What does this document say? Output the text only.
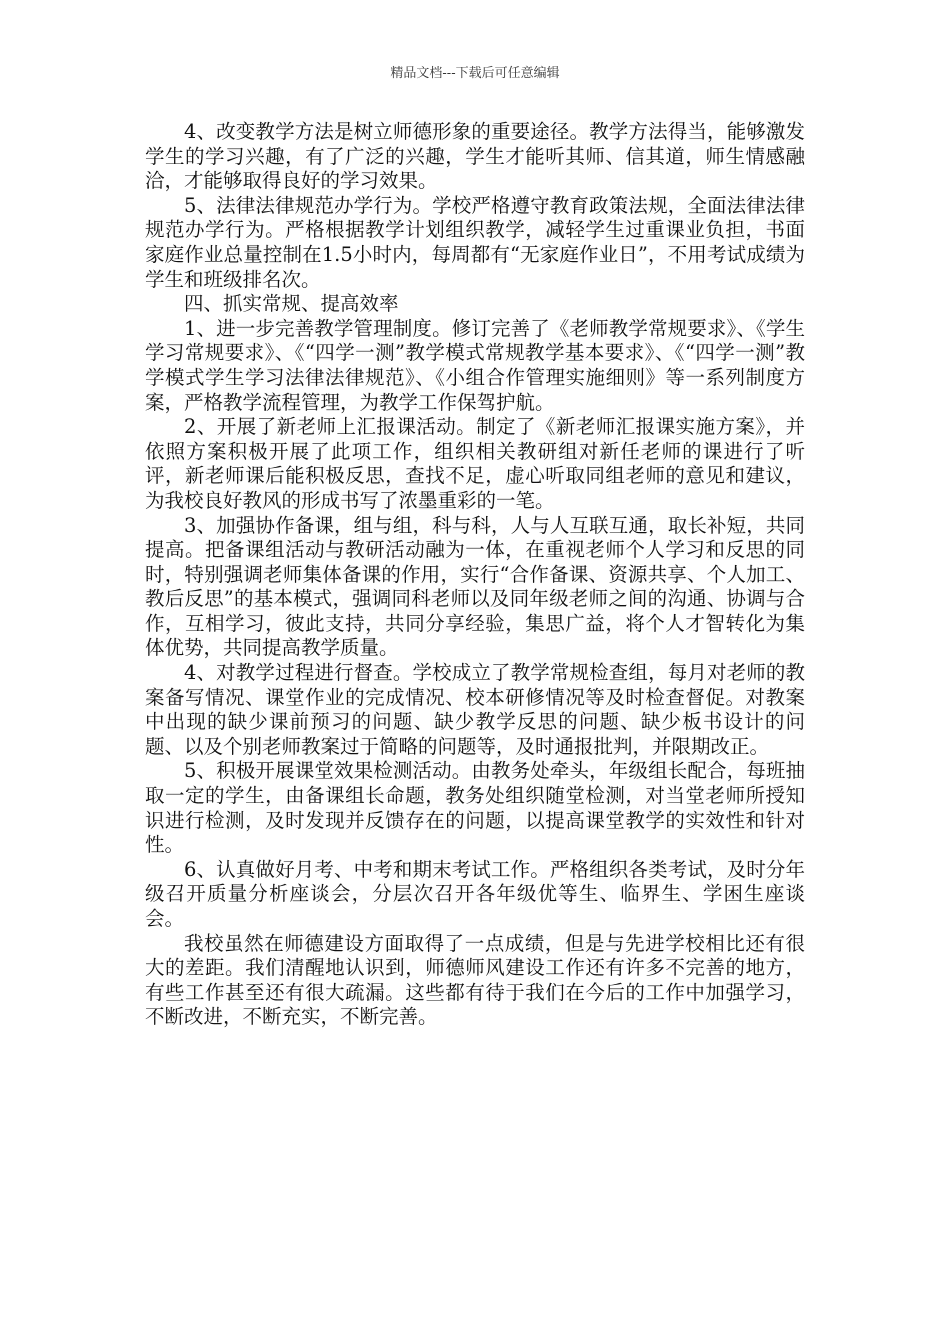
精品文档---下载后可任意编辑

4、改变教学方法是树立师德形象的重要途径。教学方法得当，能够激发学生的学习兴趣，有了广泛的兴趣，学生才能听其师、信其道，师生情感融洽，才能够取得良好的学习效果。

5、法律法律规范办学行为。学校严格遵守教育政策法规，全面法律法律规范办学行为。严格根据教学计划组织教学，减轻学生过重课业负担，书面家庭作业总量控制在1.5小时内，每周都有“无家庭作业日”，不用考试成绩为学生和班级排名次。

四、抓实常规、提高效率

1、进一步完善教学管理制度。修订完善了《老师教学常规要求》、《学生学习常规要求》、《“四学一测”教学模式常规教学基本要求》、《“四学一测”教学模式学生学习法律法律规范》、《小组合作管理实施细则》等一系列制度方案，严格教学流程管理，为教学工作保驾护航。

2、开展了新老师上汇报课活动。制定了《新老师汇报课实施方案》，并依照方案积极开展了此项工作，组织相关教研组对新任老师的课进行了听评，新老师课后能积极反思，查找不足，虚心听取同组老师的意见和建议，为我校良好教风的形成书写了浓墨重彩的一笔。

3、加强协作备课，组与组，科与科，人与人互联互通，取长补短，共同提高。把备课组活动与教研活动融为一体，在重视老师个人学习和反思的同时，特别强调老师集体备课的作用，实行“合作备课、资源共享、个人加工、教后反思”的基本模式，强调同科老师以及同年级老师之间的沟通、协调与合作，互相学习，彼此支持，共同分享经验，集思广益，将个人才智转化为集体优势，共同提高教学质量。

4、对教学过程进行督查。学校成立了教学常规检查组，每月对老师的教案备写情况、课堂作业的完成情况、校本研修情况等及时检查督促。对教案中出现的缺少课前预习的问题、缺少教学反思的问题、缺少板书设计的问题、以及个别老师教案过于简略的问题等，及时通报批判，并限期改正。

5、积极开展课堂效果检测活动。由教务处牵头，年级组长配合，每班抽取一定的学生，由备课组长命题，教务处组织随堂检测，对当堂老师所授知识进行检测，及时发现并反馈存在的问题，以提高课堂教学的实效性和针对性。

6、认真做好月考、中考和期末考试工作。严格组织各类考试，及时分年级召开质量分析座谈会，分层次召开各年级优等生、临界生、学困生座谈会。

我校虽然在师德建设方面取得了一点成绩，但是与先进学校相比还有很大的差距。我们清醒地认识到，师德师风建设工作还有许多不完善的地方，有些工作甚至还有很大疏漏。这些都有待于我们在今后的工作中加强学习，不断改进，不断充实，不断完善。
